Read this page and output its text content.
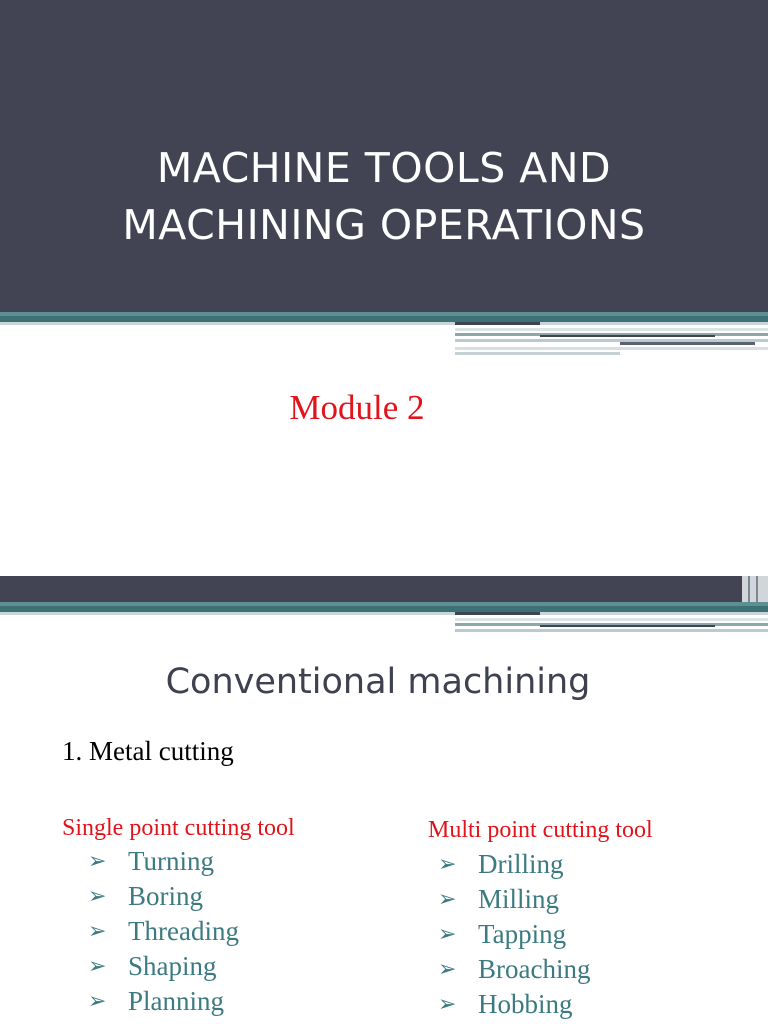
MACHINE TOOLS AND
MACHINING OPERATIONS
Module 2
Conventional machining
1. Metal cutting
Single point cutting tool
➢ Turning
➢ Boring
➢ Threading
➢ Shaping
➢ Planning
Multi point cutting tool
➢ Drilling
➢ Milling
➢ Tapping
➢ Broaching
➢ Hobbing
